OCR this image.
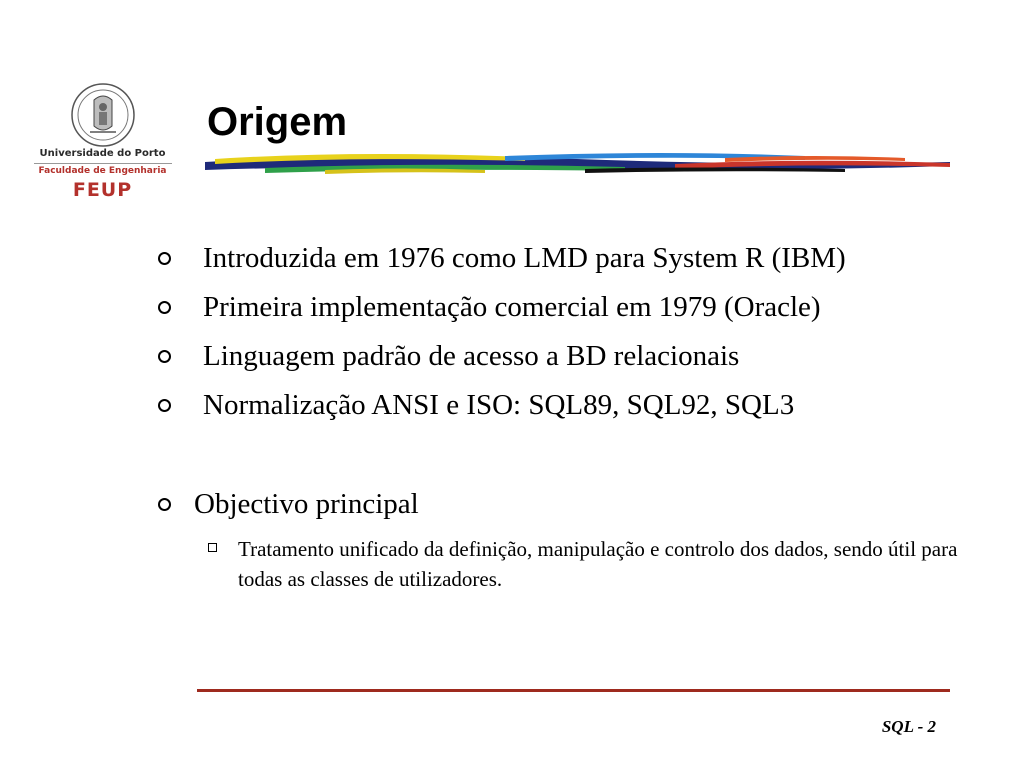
Universidade do Porto
Faculdade de Engenharia
FEUP
Origem
Introduzida em 1976 como LMD para System R (IBM)
Primeira implementação comercial em 1979 (Oracle)
Linguagem padrão de acesso a BD relacionais
Normalização ANSI e ISO: SQL89, SQL92, SQL3
Objectivo principal
Tratamento unificado da definição, manipulação e controlo dos dados, sendo útil para todas as classes de utilizadores.
SQL - 2
